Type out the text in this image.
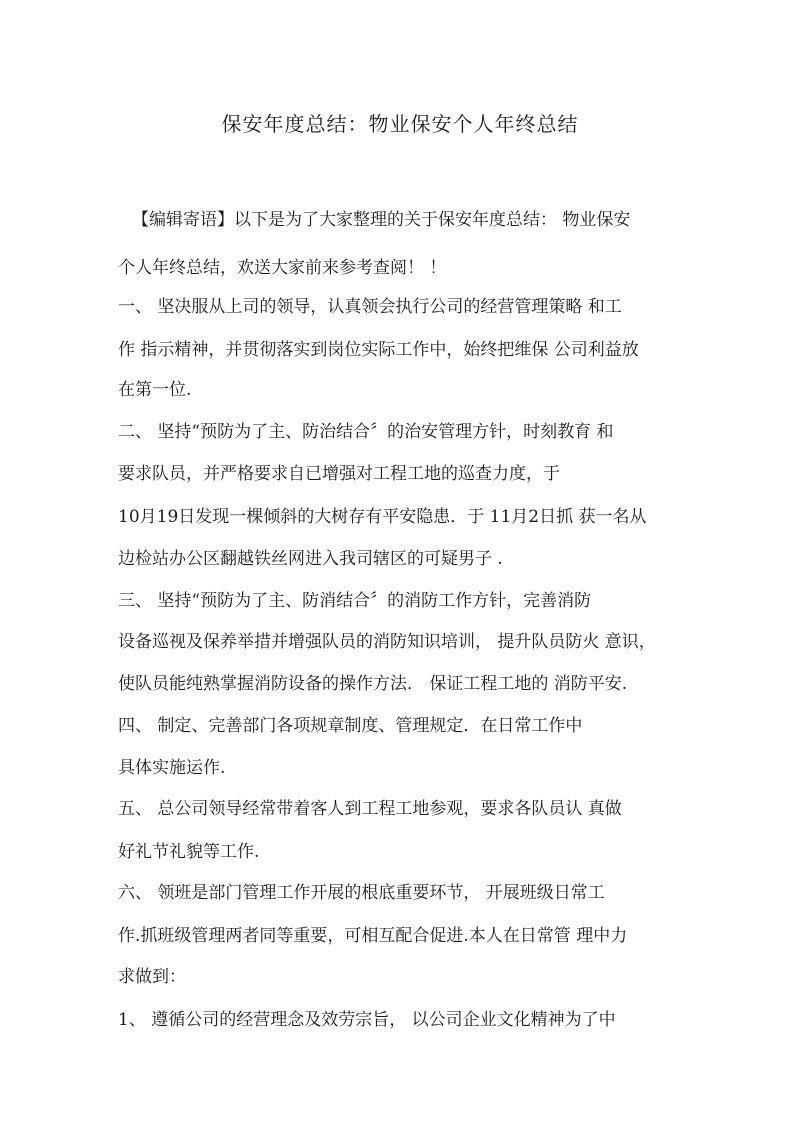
保安年度总结：物业保安个人年终总结
【编辑寄语】以下是为了大家整理的关于保安年度总结： 物业保安
个人年终总结，欢送大家前来参考查阅！ ！
一、 坚决服从上司的领导，认真领会执行公司的经营管理策略 和工
作 指示精神，并贯彻落实到岗位实际工作中，始终把维保 公司利益放
在第一位.
二、 坚持“预防为了主、防治结合〞的治安管理方针，时刻教育 和
要求队员，并严格要求自已增强对工程工地的巡查力度，于
10月19日发现一棵倾斜的大树存有平安隐患．于 11月2日抓 获一名从
边检站办公区翻越铁丝网进入我司辖区的可疑男子 .
三、 坚持“预防为了主、防消结合〞的消防工作方针，完善消防
设备巡视及保养举措并增强队员的消防知识培训， 提升队员防火 意识，
使队员能纯熟掌握消防设备的操作方法． 保证工程工地的 消防平安.
四、 制定、完善部门各项规章制度、管理规定．在日常工作中
具体实施运作.
五、 总公司领导经常带着客人到工程工地参观，要求各队员认 真做
好礼节礼貌等工作.
六、 领班是部门管理工作开展的根底重要环节， 开展班级日常工
作.抓班级管理两者同等重要，可相互配合促进.本人在日常管 理中力
求做到：
1、 遵循公司的经营理念及效劳宗旨， 以公司企业文化精神为了中
